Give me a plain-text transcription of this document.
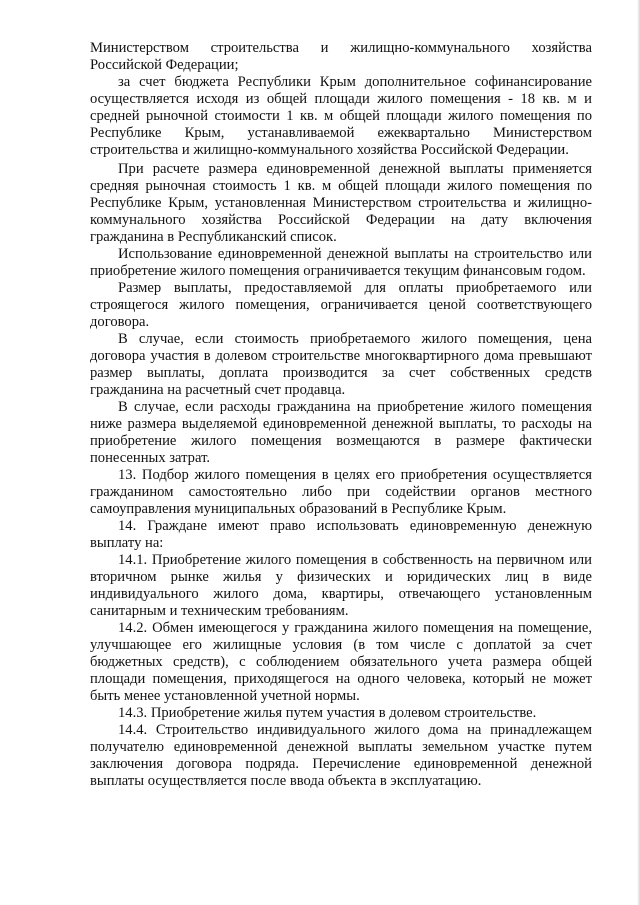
Министерством строительства и жилищно-коммунального хозяйства Российской Федерации;

за счет бюджета Республики Крым дополнительное софинансирование осуществляется исходя из общей площади жилого помещения - 18 кв. м и средней рыночной стоимости 1 кв. м общей площади жилого помещения по Республике Крым, устанавливаемой ежеквартально Министерством строительства и жилищно-коммунального хозяйства Российской Федерации.

При расчете размера единовременной денежной выплаты применяется средняя рыночная стоимость 1 кв. м общей площади жилого помещения по Республике Крым, установленная Министерством строительства и жилищно-коммунального хозяйства Российской Федерации на дату включения гражданина в Республиканский список.

Использование единовременной денежной выплаты на строительство или приобретение жилого помещения ограничивается текущим финансовым годом.

Размер выплаты, предоставляемой для оплаты приобретаемого или строящегося жилого помещения, ограничивается ценой соответствующего договора.

В случае, если стоимость приобретаемого жилого помещения, цена договора участия в долевом строительстве многоквартирного дома превышают размер выплаты, доплата производится за счет собственных средств гражданина на расчетный счет продавца.

В случае, если расходы гражданина на приобретение жилого помещения ниже размера выделяемой единовременной денежной выплаты, то расходы на приобретение жилого помещения возмещаются в размере фактически понесенных затрат.

13. Подбор жилого помещения в целях его приобретения осуществляется гражданином самостоятельно либо при содействии органов местного самоуправления муниципальных образований в Республике Крым.

14. Граждане имеют право использовать единовременную денежную выплату на:

14.1. Приобретение жилого помещения в собственность на первичном или вторичном рынке жилья у физических и юридических лиц в виде индивидуального жилого дома, квартиры, отвечающего установленным санитарным и техническим требованиям.

14.2. Обмен имеющегося у гражданина жилого помещения на помещение, улучшающее его жилищные условия (в том числе с доплатой за счет бюджетных средств), с соблюдением обязательного учета размера общей площади помещения, приходящегося на одного человека, который не может быть менее установленной учетной нормы.

14.3. Приобретение жилья путем участия в долевом строительстве.

14.4. Строительство индивидуального жилого дома на принадлежащем получателю единовременной денежной выплаты земельном участке путем заключения договора подряда. Перечисление единовременной денежной выплаты осуществляется после ввода объекта в эксплуатацию.
